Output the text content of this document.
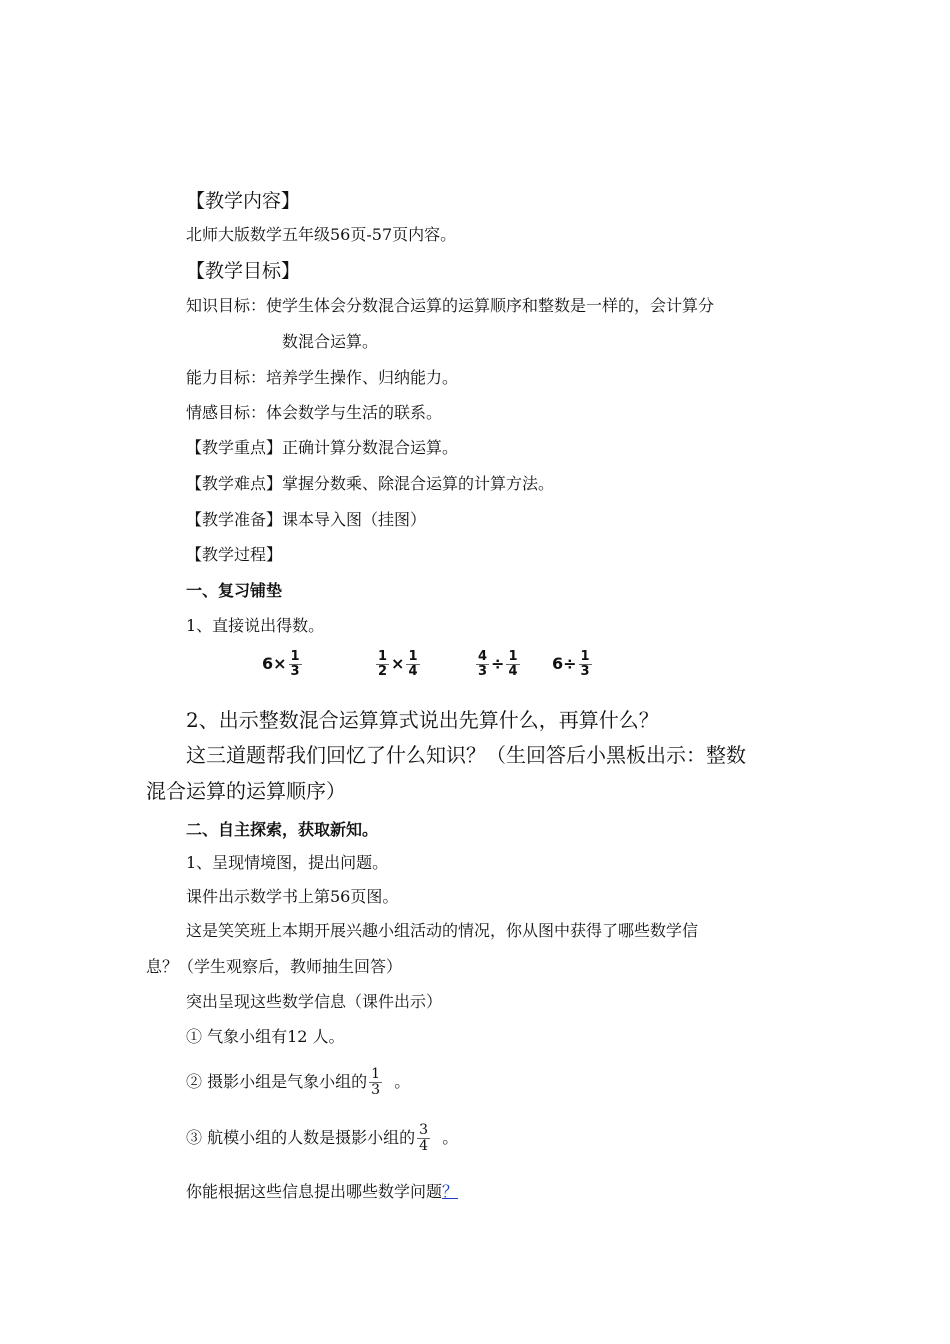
【教学内容】
北师大版数学五年级56页-57页内容。
【教学目标】
知识目标：使学生体会分数混合运算的运算顺序和整数是一样的，会计算分
数混合运算。
能力目标：培养学生操作、归纳能力。
情感目标：体会数学与生活的联系。
【教学重点】正确计算分数混合运算。
【教学难点】掌握分数乘、除混合运算的计算方法。
【教学准备】课本导入图（挂图）
【教学过程】
一、复习铺垫
1、直接说出得数。
$6\times \frac{1}{3}$	$\frac{1}{2} \times \frac{1}{4}$	$\frac{4}{3} \div \frac{1}{4} 6\div \frac{1}{3}$
2、出示整数混合运算算式说出先算什么，再算什么？
这三道题帮我们回忆了什么知识？（生回答后小黑板出示：整数
混合运算的运算顺序）
二、自主探索，获取新知。
1、呈现情境图，提出问题。
课件出示数学书上第56页图。
这是笑笑班上本期开展兴趣小组活动的情况，你从图中获得了哪些数学信
息？（学生观察后，教师抽生回答）
突出呈现这些数学信息（课件出示）
① 气象小组有12 人。
② 摄影小组是气象小组的 $\frac{1}{3}$ 。
③ 航模小组的人数是摄影小组的 $\frac{3}{4}$ 。
你能根据这些信息提出哪些数学问题？
